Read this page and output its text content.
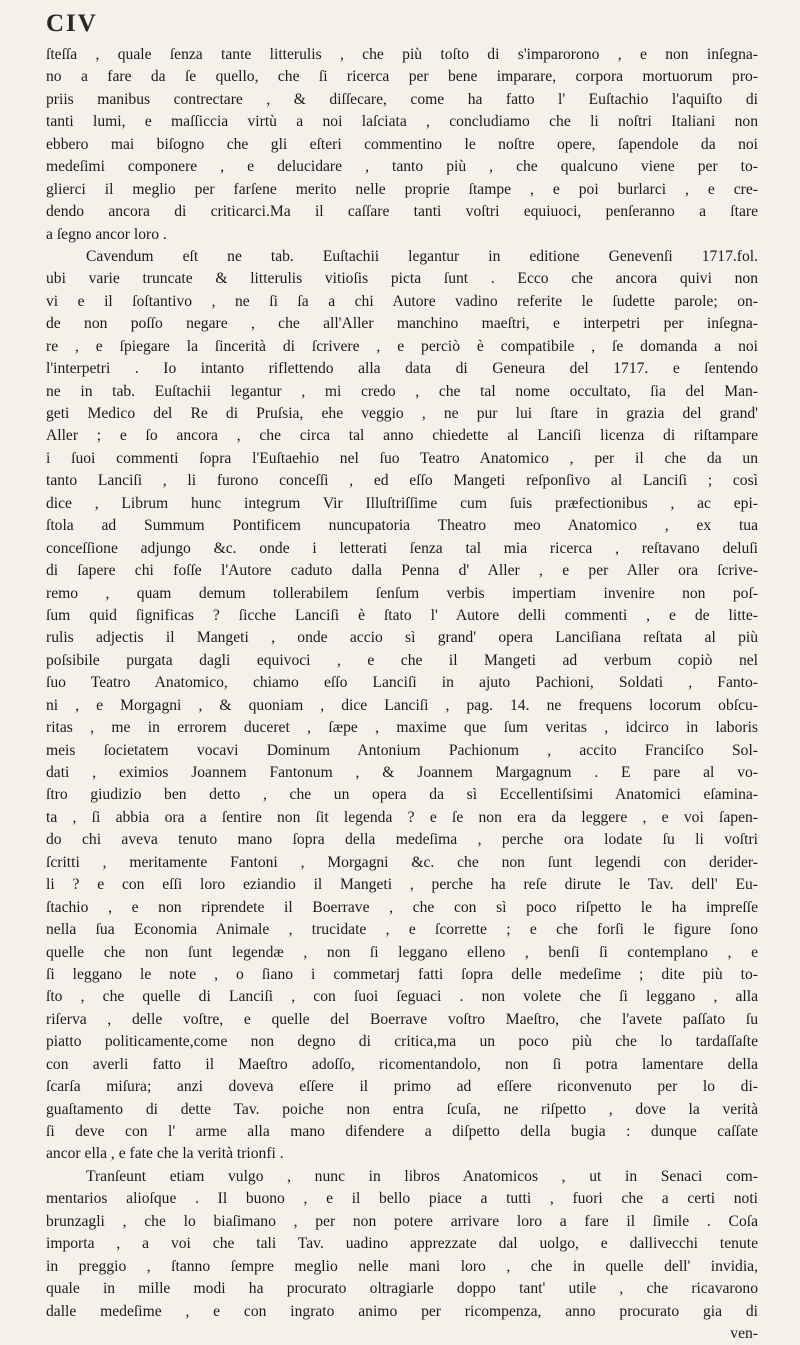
CIV
ſteſſa , quale ſenza tante litterulis , che più toſto di s'imparorono , e non inſegna-
no a fare da ſe quello, che ſi ricerca per bene imparare, corpora mortuorum pro-
priis manibus contrectare , & diſſecare, come ha fatto l' Euſtachio l'aquiſto di
tanti lumi, e maſſiccia virtù a noi laſciata , concludiamo che li noſtri Italiani non
ebbero mai biſogno che gli eſteri commentino le noſtre opere, ſapendole da noi
medeſimi componere , e delucidare , tanto più , che qualcuno viene per to-
glierci il meglio per farſene merito nelle proprie ſtampe , e poi burlarci , e cre-
dendo ancora di criticarci.Ma il caſſare tanti voſtri equiuoci, penſeranno a ſtare
a ſegno ancor loro .
Cavendum eſt ne tab. Euſtachii legantur in editione Genevenſi 1717.fol.
ubi varie truncate & litterulis vitioſis picta ſunt . Ecco che ancora quivi non
vi e il ſoſtantivo , ne ſi ſa a chi Autore vadino referite le ſudette parole; on-
de non poſſo negare , che all'Aller manchino maeſtri, e interpetri per inſegna-
re , e ſpiegare la ſincerità di ſcrivere , e perciò è compatibile , ſe domanda a noi
l'interpetri . Io intanto riflettendo alla data di Geneura del 1717. e ſentendo
ne in tab. Euſtachii legantur , mi credo , che tal nome occultato, ſia del Man-
geti Medico del Re di Pruſsia, ehe veggio , ne pur lui ſtare in grazia del grand'
Aller ; e ſo ancora , che circa tal anno chiedette al Lanciſi licenza di riſtampare
i ſuoi commenti ſopra l'Euſtaehio nel ſuo Teatro Anatomico , per il che da un
tanto Lanciſi , li furono conceſſi , ed eſſo Mangeti reſponſivo al Lanciſi ; così
dice , Librum hunc integrum Vir Illuſtriſſime cum ſuis præfectionibus , ac epi-
ſtola ad Summum Pontificem nuncupatoria Theatro meo Anatomico , ex tua
conceſſione adjungo &c. onde i letterati ſenza tal mia ricerca , reſtavano deluſi
di ſapere chi foſſe l'Autore caduto dalla Penna d' Aller , e per Aller ora ſcrive-
remo , quam demum tollerabilem ſenſum verbis impertiam invenire non poſ-
ſum quid ſignificas ? ſicche Lanciſi è ſtato l' Autore delli commenti , e de litte-
rulis adjectis il Mangeti , onde accio sì grand' opera Lanciſiana reſtata al più
poſsibile purgata dagli equivoci , e che il Mangeti ad verbum copiò nel
ſuo Teatro Anatomico, chiamo eſſo Lanciſi in ajuto Pachioni, Soldati , Fanto-
ni , e Morgagni , & quoniam , dice Lanciſi , pag. 14. ne frequens locorum obſcu-
ritas , me in errorem duceret , ſæpe , maxime que ſum veritas , idcirco in laboris
meis ſocietatem vocavi Dominum Antonium Pachionum , accito Franciſco Sol-
dati , eximios Joannem Fantonum , & Joannem Margagnum . E pare al vo-
ſtro giudizio ben detto , che un opera da sì Eccellentiſsimi Anatomici eſamina-
ta , ſi abbia ora a ſentire non ſit legenda ? e ſe non era da leggere , e voi ſapen-
do chi aveva tenuto mano ſopra della medeſima , perche ora lodate ſu li voſtri
ſcritti , meritamente Fantoni , Morgagni &c. che non ſunt legendi con derider-
li ? e con eſſi loro eziandio il Mangeti , perche ha reſe dirute le Tav. dell' Eu-
ſtachio , e non riprendete il Boerrave , che con sì poco riſpetto le ha impreſſe
nella ſua Economia Animale , trucidate , e ſcorrette ; e che forſi le figure ſono
quelle che non ſunt legendæ , non ſi leggano elleno , benſi ſi contemplano , e
ſi leggano le note , o ſiano i commetarj fatti ſopra delle medeſime ; dite più to-
ſto , che quelle di Lanciſi , con ſuoi ſeguaci . non volete che ſi leggano , alla
riſerva , delle voſtre, e quelle del Boerrave voſtro Maeſtro, che l'avete paſſato ſu
piatto politicamente,come non degno di critica,ma un poco più che lo tardaſſaſte
con averli fatto il Maeſtro adoſſo, ricomentandolo, non ſi potra lamentare della
ſcarſa miſura; anzi doveva eſſere il primo ad eſſere riconvenuto per lo di-
guaſtamento di dette Tav. poiche non entra ſcuſa, ne riſpetto , dove la verità
ſi deve con l' arme alla mano difendere a diſpetto della bugia : dunque caſſate
ancor ella , e fate che la verità trionfi .
Tranſeunt etiam vulgo , nunc in libros Anatomicos , ut in Senaci com-
mentarios alioſque . Il buono , e il bello piace a tutti , fuori che a certi noti
brunzagli , che lo biaſimano , per non potere arrivare loro a fare il ſimile . Coſa
importa , a voi che tali Tav. uadino apprezzate dal uolgo, e dallivecchi tenute
in preggio , ſtanno ſempre meglio nelle mani loro , che in quelle dell' invidia,
quale in mille modi ha procurato oltragiarle doppo tant' utile , che ricavarono
dalle medeſime , e con ingrato animo per ricompenza, anno procurato gia di
ven-
